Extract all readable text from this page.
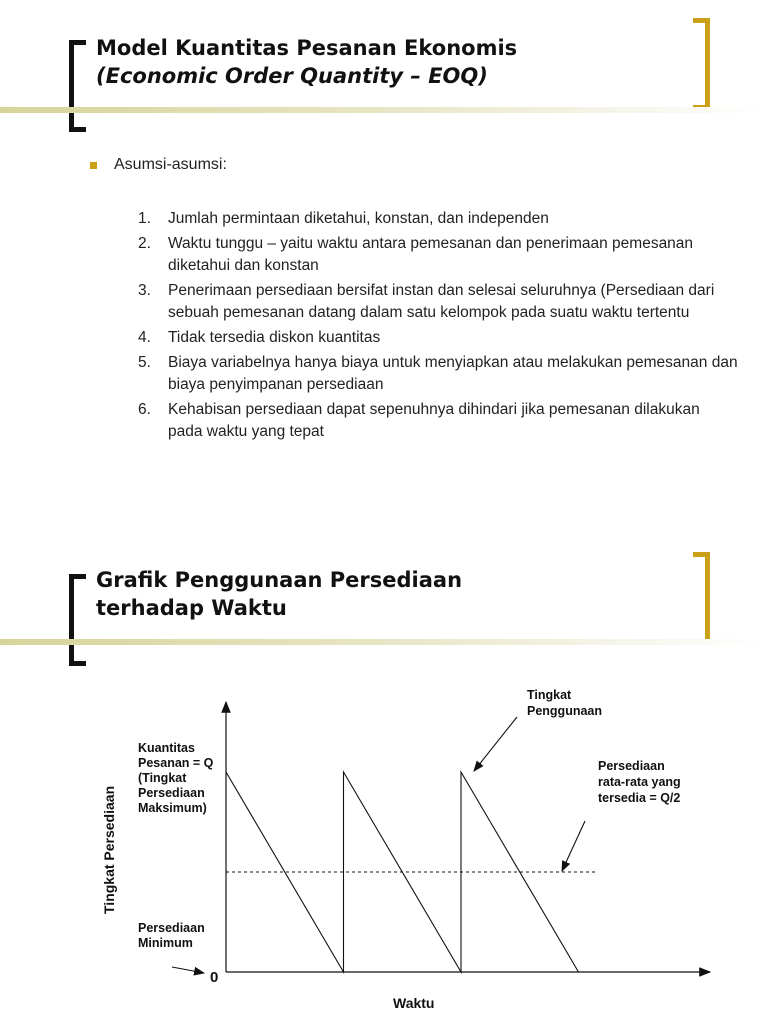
Model Kuantitas Pesanan Ekonomis
(Economic Order Quantity – EOQ)
Asumsi-asumsi:
1. Jumlah permintaan diketahui, konstan, dan independen
2. Waktu tunggu – yaitu waktu antara pemesanan dan penerimaan pemesanan diketahui dan konstan
3. Penerimaan persediaan bersifat instan dan selesai seluruhnya (Persediaan dari sebuah pemesanan datang dalam satu kelompok pada suatu waktu tertentu
4. Tidak tersedia diskon kuantitas
5. Biaya variabelnya hanya biaya untuk menyiapkan atau melakukan pemesanan dan biaya penyimpanan persediaan
6. Kehabisan persediaan dapat sepenuhnya dihindari jika pemesanan dilakukan pada waktu yang tepat
Grafik Penggunaan Persediaan
terhadap Waktu
Kuantitas Pesanan = Q (Tingkat Persediaan Maksimum)
Persediaan Minimum
Tingkat Penggunaan
Persediaan rata-rata yang tersedia = Q/2
0
Waktu
Tingkat Persediaan
